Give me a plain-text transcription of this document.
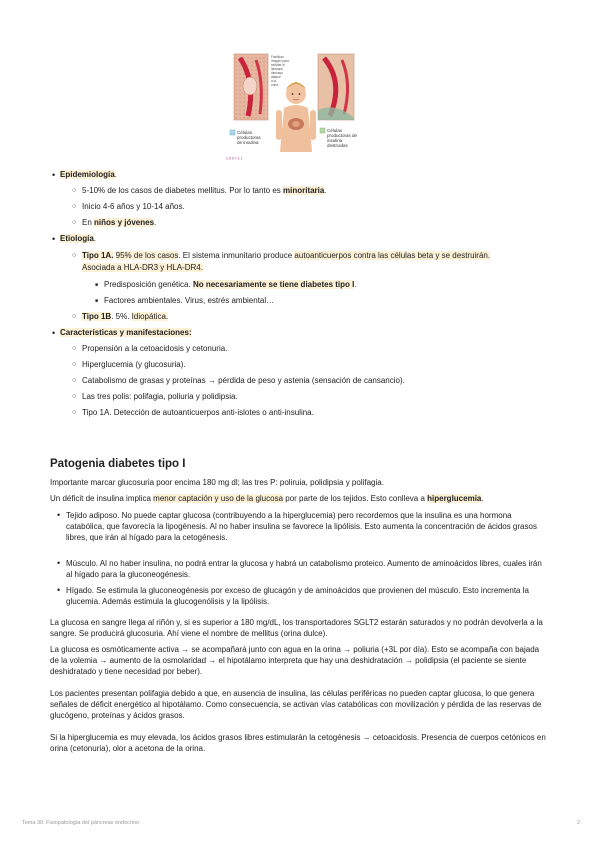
Falsificar
imagen para
señalar el
lámpara
desvayo
ataque
a la
orina
Células
productoras
de insulina
Células
productoras de
insulina
destruidas
1 0 0 7 1 1
• Epidemiología.
○ 5-10% de los casos de diabetes mellitus. Por lo tanto es minoritaria.
○ Inicio 4-6 años y 10-14 años.
○ En niños y jóvenes.
• Etiología.
○ Tipo 1A. 95% de los casos. El sistema inmunitario produce autoanticuerpos contra las células beta y se destruirán.
Asociada a HLA-DR3 y HLA-DR4.
■ Predisposición genética. No necesariamente se tiene diabetes tipo I.
■ Factores ambientales. Virus, estrés ambiental…
○ Tipo 1B. 5%. Idiopática.
• Características y manifestaciones:
○ Propensión a la cetoacidosis y cetonuria.
○ Hiperglucemia (y glucosuria).
○ Catabolismo de grasas y proteínas → pérdida de peso y astenia (sensación de cansancio).
○ Las tres polis: polifagia, poliuria y polidipsia.
○ Tipo 1A. Detección de autoanticuerpos anti-islotes o anti-insulina.
Patogenia diabetes tipo I

Importante marcar glucosuria poor encima 180 mg dl; las tres P: poliruia, polidipsia y polifagia.

Un déficit de insulina implica menor captación y uso de la glucosa por parte de los tejidos. Esto conlleva a hiperglucemia.

• Tejido adiposo. No puede captar glucosa (contribuyendo a la hiperglucemia) pero recordemos que la insulina es una hormona catabólica, que favorecía la lipogénesis. Al no haber insulina se favorece la lipólisis. Esto aumenta la concentración de ácidos grasos libres, que irán al hígado para la cetogénesis.

• Músculo. Al no haber insulina, no podrá entrar la glucosa y habrá un catabolismo proteico. Aumento de aminoácidos libres, cuales irán al hígado para la gluconeogénesis.

• Hígado. Se estimula la gluconeogénesis por exceso de glucagón y de aminoácidos que provienen del músculo. Esto incrementa la glucemia. Además estimula la glucogenólisis y la lipólisis.

La glucosa en sangre llega al riñón y, si es superior a 180 mg/dL, los transportadores SGLT2 estarán saturados y no podrán devolverla a la sangre. Se producirá glucosuria. Ahí viene el nombre de mellitus (orina dulce).

La glucosa es osmóticamente activa → se acompañará junto con agua en la orina → poliuria (+3L por día). Esto se acompaña con bajada de la volemia → aumento de la osmolaridad → el hipotálamo interpreta que hay una deshidratación → polidipsia (el paciente se siente deshidratado y tiene necesidad por beber).

Los pacientes presentan polifagia debido a que, en ausencia de insulina, las células periféricas no pueden captar glucosa, lo que genera señales de déficit energético al hipotálamo. Como consecuencia, se activan vías catabólicas con movilización y pérdida de las reservas de glucógeno, proteínas y ácidos grasos.

Si la hiperglucemia es muy elevada, los ácidos grasos libres estimularán la cetogénesis → cetoacidosis. Presencia de cuerpos cetónicos en orina (cetonuria), olor a acetona de la orina.

Tema 30. Fisiopatología del páncreas endocrino	2
